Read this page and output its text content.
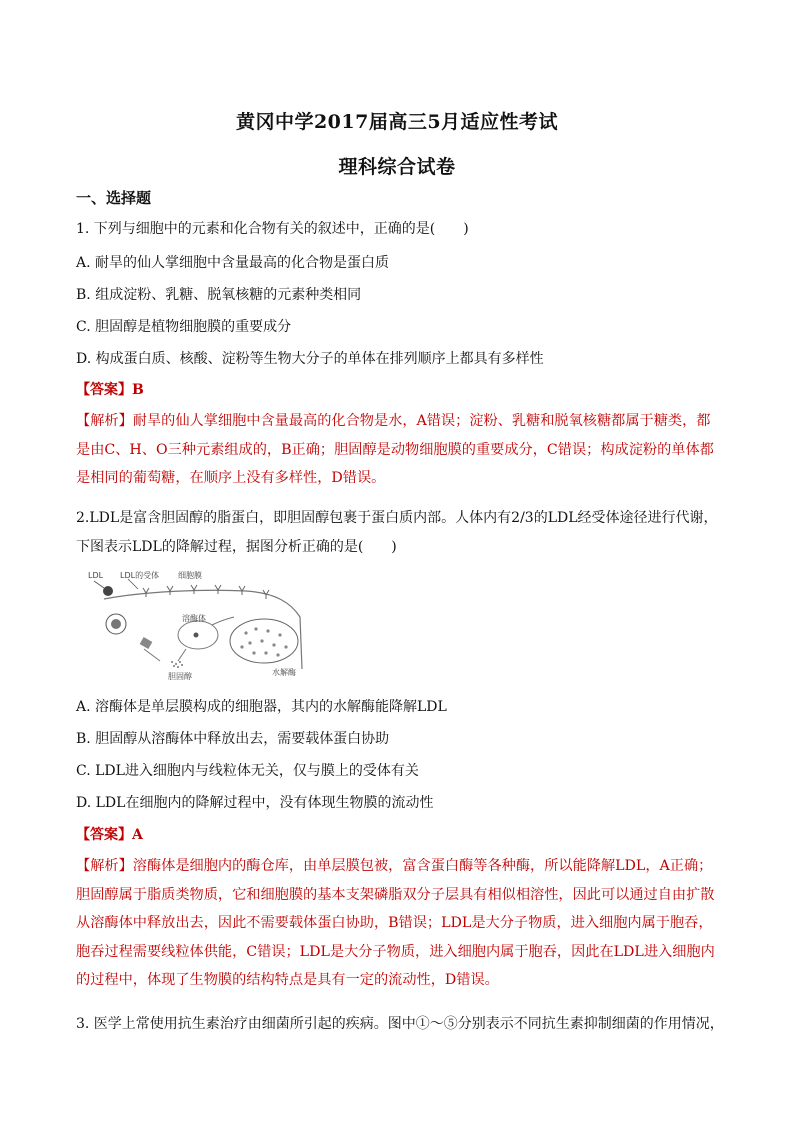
黄冈中学2017届高三5月适应性考试
理科综合试卷
一、选择题
1. 下列与细胞中的元素和化合物有关的叙述中，正确的是(　　)
A. 耐旱的仙人掌细胞中含量最高的化合物是蛋白质
B. 组成淀粉、乳糖、脱氧核糖的元素种类相同
C. 胆固醇是植物细胞膜的重要成分
D. 构成蛋白质、核酸、淀粉等生物大分子的单体在排列顺序上都具有多样性
【答案】B
【解析】耐旱的仙人掌细胞中含量最高的化合物是水，A错误；淀粉、乳糖和脱氧核糖都属于糖类，都是由C、H、O三种元素组成的，B正确；胆固醇是动物细胞膜的重要成分，C错误；构成淀粉的单体都是相同的葡萄糖，在顺序上没有多样性，D错误。
2.LDL是富含胆固醇的脂蛋白，即胆固醇包裹于蛋白质内部。人体内有2/3的LDL经受体途径进行代谢，
下图表示LDL的降解过程，据图分析正确的是(　　)
LDL LDL的受体 细胞膜
溶酶体
胆固醇	水解酶
A. 溶酶体是单层膜构成的细胞器，其内的水解酶能降解LDL
B. 胆固醇从溶酶体中释放出去，需要载体蛋白协助
C. LDL进入细胞内与线粒体无关，仅与膜上的受体有关
D. LDL在细胞内的降解过程中，没有体现生物膜的流动性
【答案】A
【解析】溶酶体是细胞内的酶仓库，由单层膜包被，富含蛋白酶等各种酶，所以能降解LDL，A正确；胆固醇属于脂质类物质，它和细胞膜的基本支架磷脂双分子层具有相似相溶性，因此可以通过自由扩散从溶酶体中释放出去，因此不需要载体蛋白协助，B错误；LDL是大分子物质，进入细胞内属于胞吞，胞吞过程需要线粒体供能，C错误；LDL是大分子物质，进入细胞内属于胞吞，因此在LDL进入细胞内的过程中，体现了生物膜的结构特点是具有一定的流动性，D错误。
3. 医学上常使用抗生素治疗由细菌所引起的疾病。图中①～⑤分别表示不同抗生素抑制细菌的作用情况，
